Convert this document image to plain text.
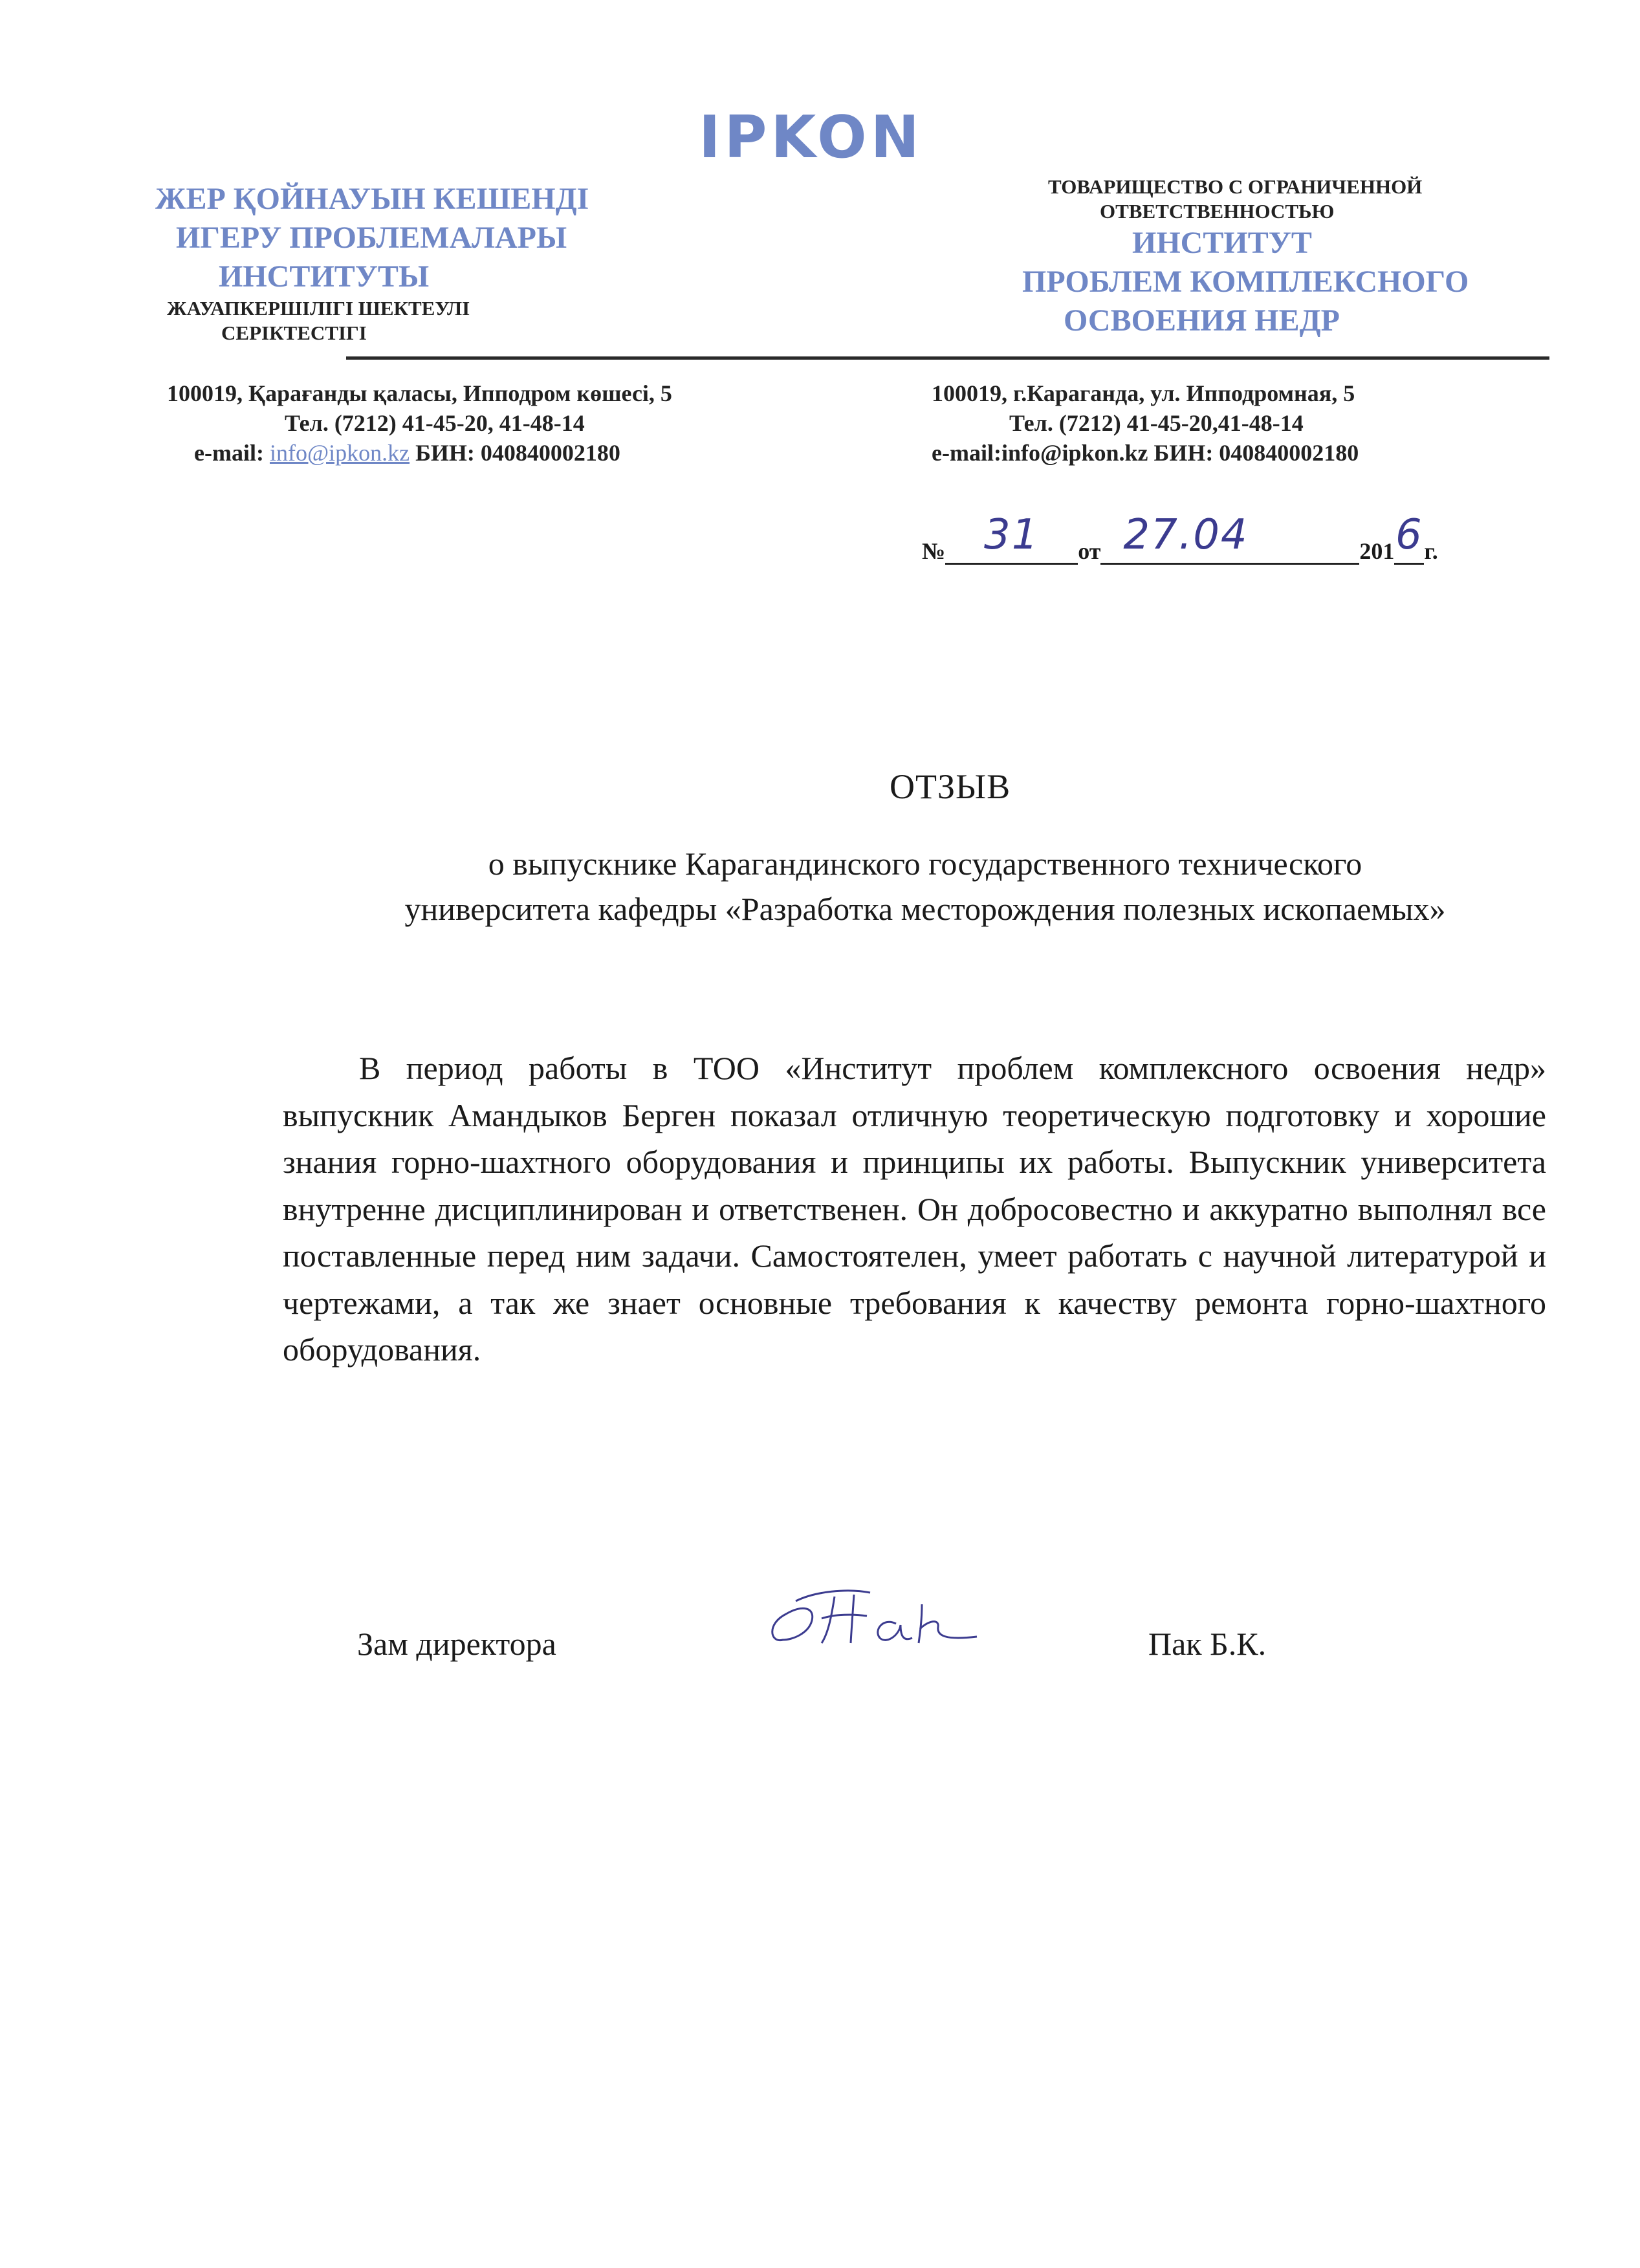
IPKON
ЖЕР ҚОЙНАУЫН КЕШЕНДІ
ИГЕРУ ПРОБЛЕМАЛАРЫ
ИНСТИТУТЫ
ЖАУАПКЕРШІЛІГІ ШЕКТЕУЛІ
СЕРІКТЕСТІГІ
ТОВАРИЩЕСТВО С ОГРАНИЧЕННОЙ
ОТВЕТСТВЕННОСТЬЮ
ИНСТИТУТ
ПРОБЛЕМ КОМПЛЕКСНОГО
ОСВОЕНИЯ НЕДР
100019, Қарағанды қаласы, Ипподром көшесі, 5
Тел. (7212) 41-45-20, 41-48-14
e-mail: info@ipkon.kz БИН: 040840002180
100019, г.Караганда, ул. Ипподромная, 5
Тел. (7212) 41-45-20,41-48-14
e-mail:info@ipkon.kz БИН: 040840002180
№ 31	от 27.04	201 6 г.
ОТЗЫВ
о выпускнике Карагандинского государственного технического
университета кафедры «Разработка месторождения полезных ископаемых»
В период работы в ТОО «Институт проблем комплексного освоения недр» выпускник Амандыков Берген показал отличную теоретическую подготовку и хорошие знания горно-шахтного оборудования и принципы их работы. Выпускник университета внутренне дисциплинирован и ответственен. Он добросовестно и аккуратно выполнял все поставленные перед ним задачи. Самостоятелен, умеет работать с научной литературой и чертежами, а так же знает основные требования к качеству ремонта горно-шахтного оборудования.
Зам директора	Пак Б.К.
